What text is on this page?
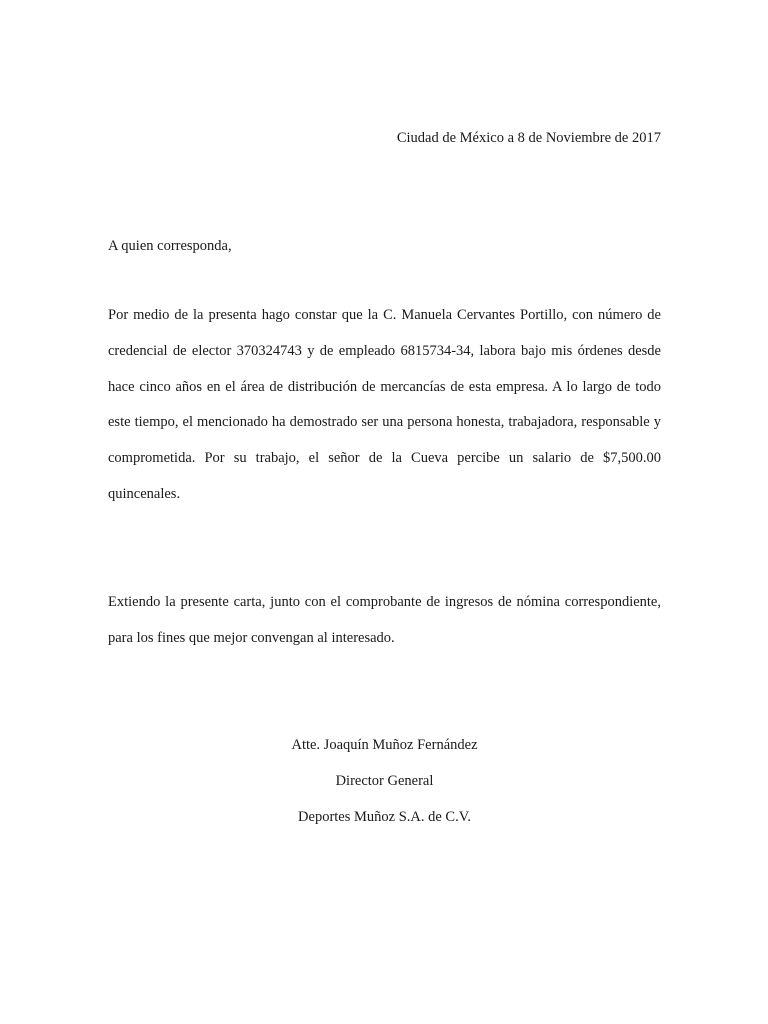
Ciudad de México a 8 de Noviembre de 2017
A quien corresponda,

Por medio de la presenta hago constar que la C. Manuela Cervantes Portillo, con número de credencial de elector 370324743 y de empleado 6815734-34, labora bajo mis órdenes desde hace cinco años en el área de distribución de mercancías de esta empresa. A lo largo de todo este tiempo, el mencionado ha demostrado ser una persona honesta, trabajadora, responsable y comprometida. Por su trabajo, el señor de la Cueva percibe un salario de $7,500.00 quincenales.

Extiendo la presente carta, junto con el comprobante de ingresos de nómina correspondiente, para los fines que mejor convengan al interesado.

Atte. Joaquín Muñoz Fernández
Director General
Deportes Muñoz S.A. de C.V.
